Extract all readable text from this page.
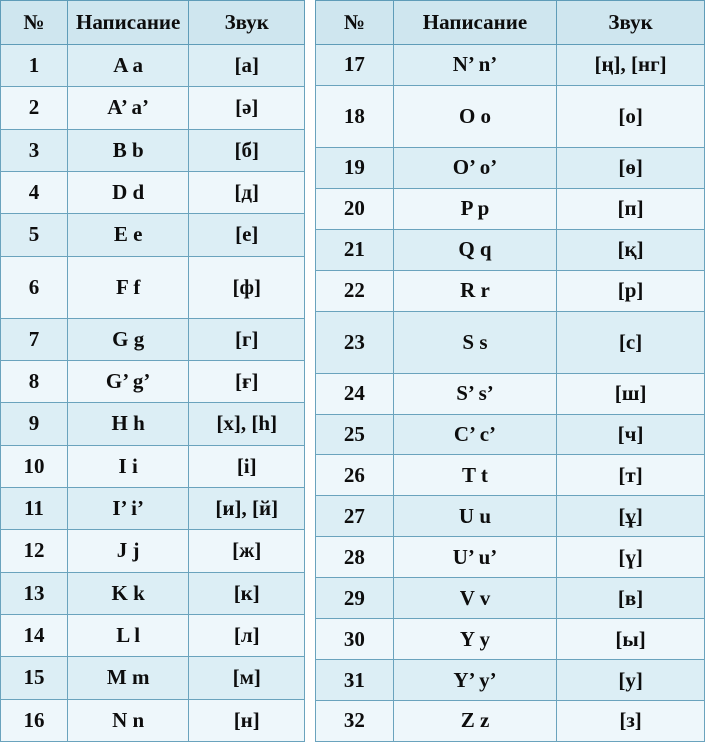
№	Написание	Звук
1	A a	[а]
2	A’ a’	[ә]
3	B b	[б]
4	D d	[д]
5	E e	[e]
6	F f	[ф]
7	G g	[г]
8	G’ g’	[ғ]
9	H h	[x], [h]
10	I i	[i]
11	I’ i’	[и], [й]
12	J j	[ж]
13	K k	[к]
14	L l	[л]
15	M m	[м]
16	N n	[н]
№	Написание	Звук
17	N’ n’	[ң], [нг]
18	O o	[о]
19	O’ o’	[ө]
20	P p	[п]
21	Q q	[қ]
22	R r	[р]
23	S s	[с]
24	S’ s’	[ш]
25	C’ c’	[ч]
26	T t	[т]
27	U u	[ұ]
28	U’ u’	[ү]
29	V v	[в]
30	Y y	[ы]
31	Y’ y’	[у]
32	Z z	[з]
